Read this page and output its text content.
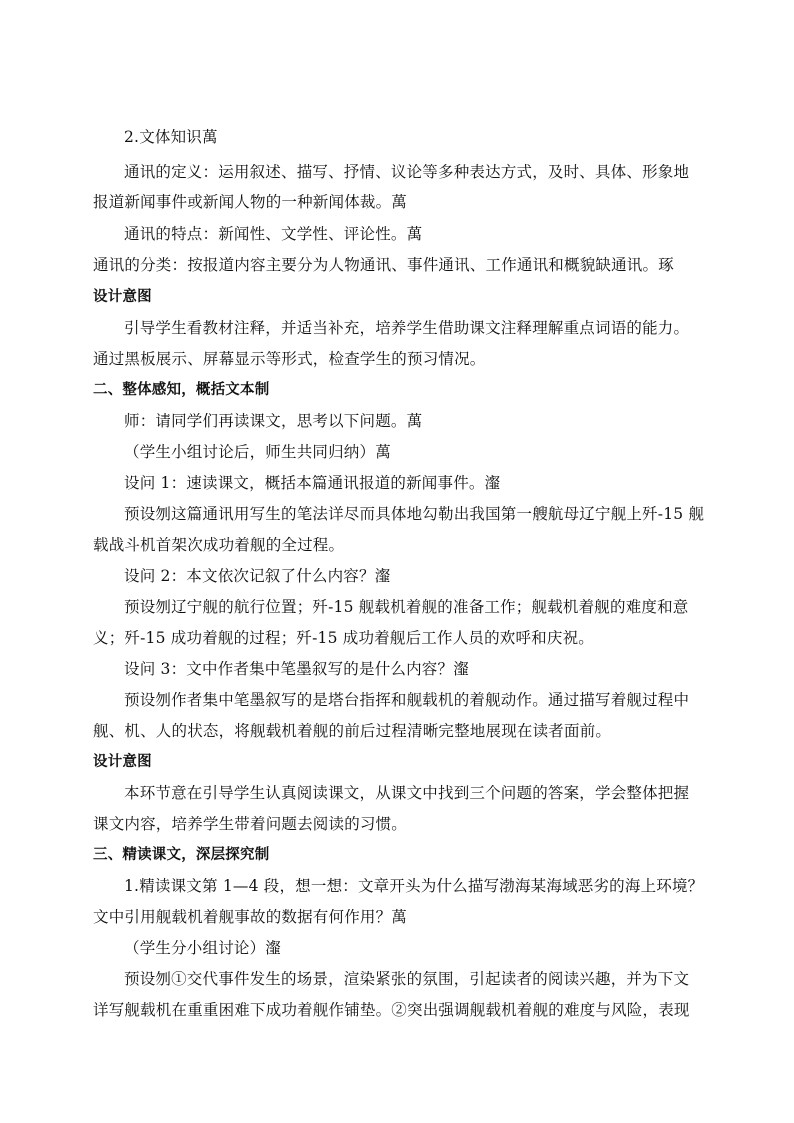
2.文体知识萬
通讯的定义：运用叙述、描写、抒情、议论等多种表达方式，及时、具体、形象地
报道新闻事件或新闻人物的一种新闻体裁。萬
通讯的特点：新闻性、文学性、评论性。萬
通讯的分类：按报道内容主要分为人物通讯、事件通讯、工作通讯和概貌缺通讯。琢
设计意图
引导学生看教材注释，并适当补充，培养学生借助课文注释理解重点词语的能力。
通过黑板展示、屏幕显示等形式，检查学生的预习情况。
二、整体感知，概括文本制
师：请同学们再读课文，思考以下问题。萬
（学生小组讨论后，师生共同归纳）萬
设问 1：速读课文，概括本篇通讯报道的新闻事件。瀣
预设刎这篇通讯用写生的笔法详尽而具体地勾勒出我国第一艘航母辽宁舰上歼-15 舰
载战斗机首架次成功着舰的全过程。
设问 2：本文依次记叙了什么内容？瀣
预设刎辽宁舰的航行位置；歼-15 舰载机着舰的准备工作；舰载机着舰的难度和意
义；歼-15 成功着舰的过程；歼-15 成功着舰后工作人员的欢呼和庆祝。
设问 3：文中作者集中笔墨叙写的是什么内容？瀣
预设刎作者集中笔墨叙写的是塔台指挥和舰载机的着舰动作。通过描写着舰过程中
舰、机、人的状态，将舰载机着舰的前后过程清晰完整地展现在读者面前。
设计意图
本环节意在引导学生认真阅读课文，从课文中找到三个问题的答案，学会整体把握
课文内容，培养学生带着问题去阅读的习惯。
三、精读课文，深层探究制
1.精读课文第 1—4 段，想一想：文章开头为什么描写渤海某海域恶劣的海上环境？
文中引用舰载机着舰事故的数据有何作用？萬
（学生分小组讨论）瀣
预设刎①交代事件发生的场景，渲染紧张的氛围，引起读者的阅读兴趣，并为下文
详写舰载机在重重困难下成功着舰作铺垫。②突出强调舰载机着舰的难度与风险，表现
